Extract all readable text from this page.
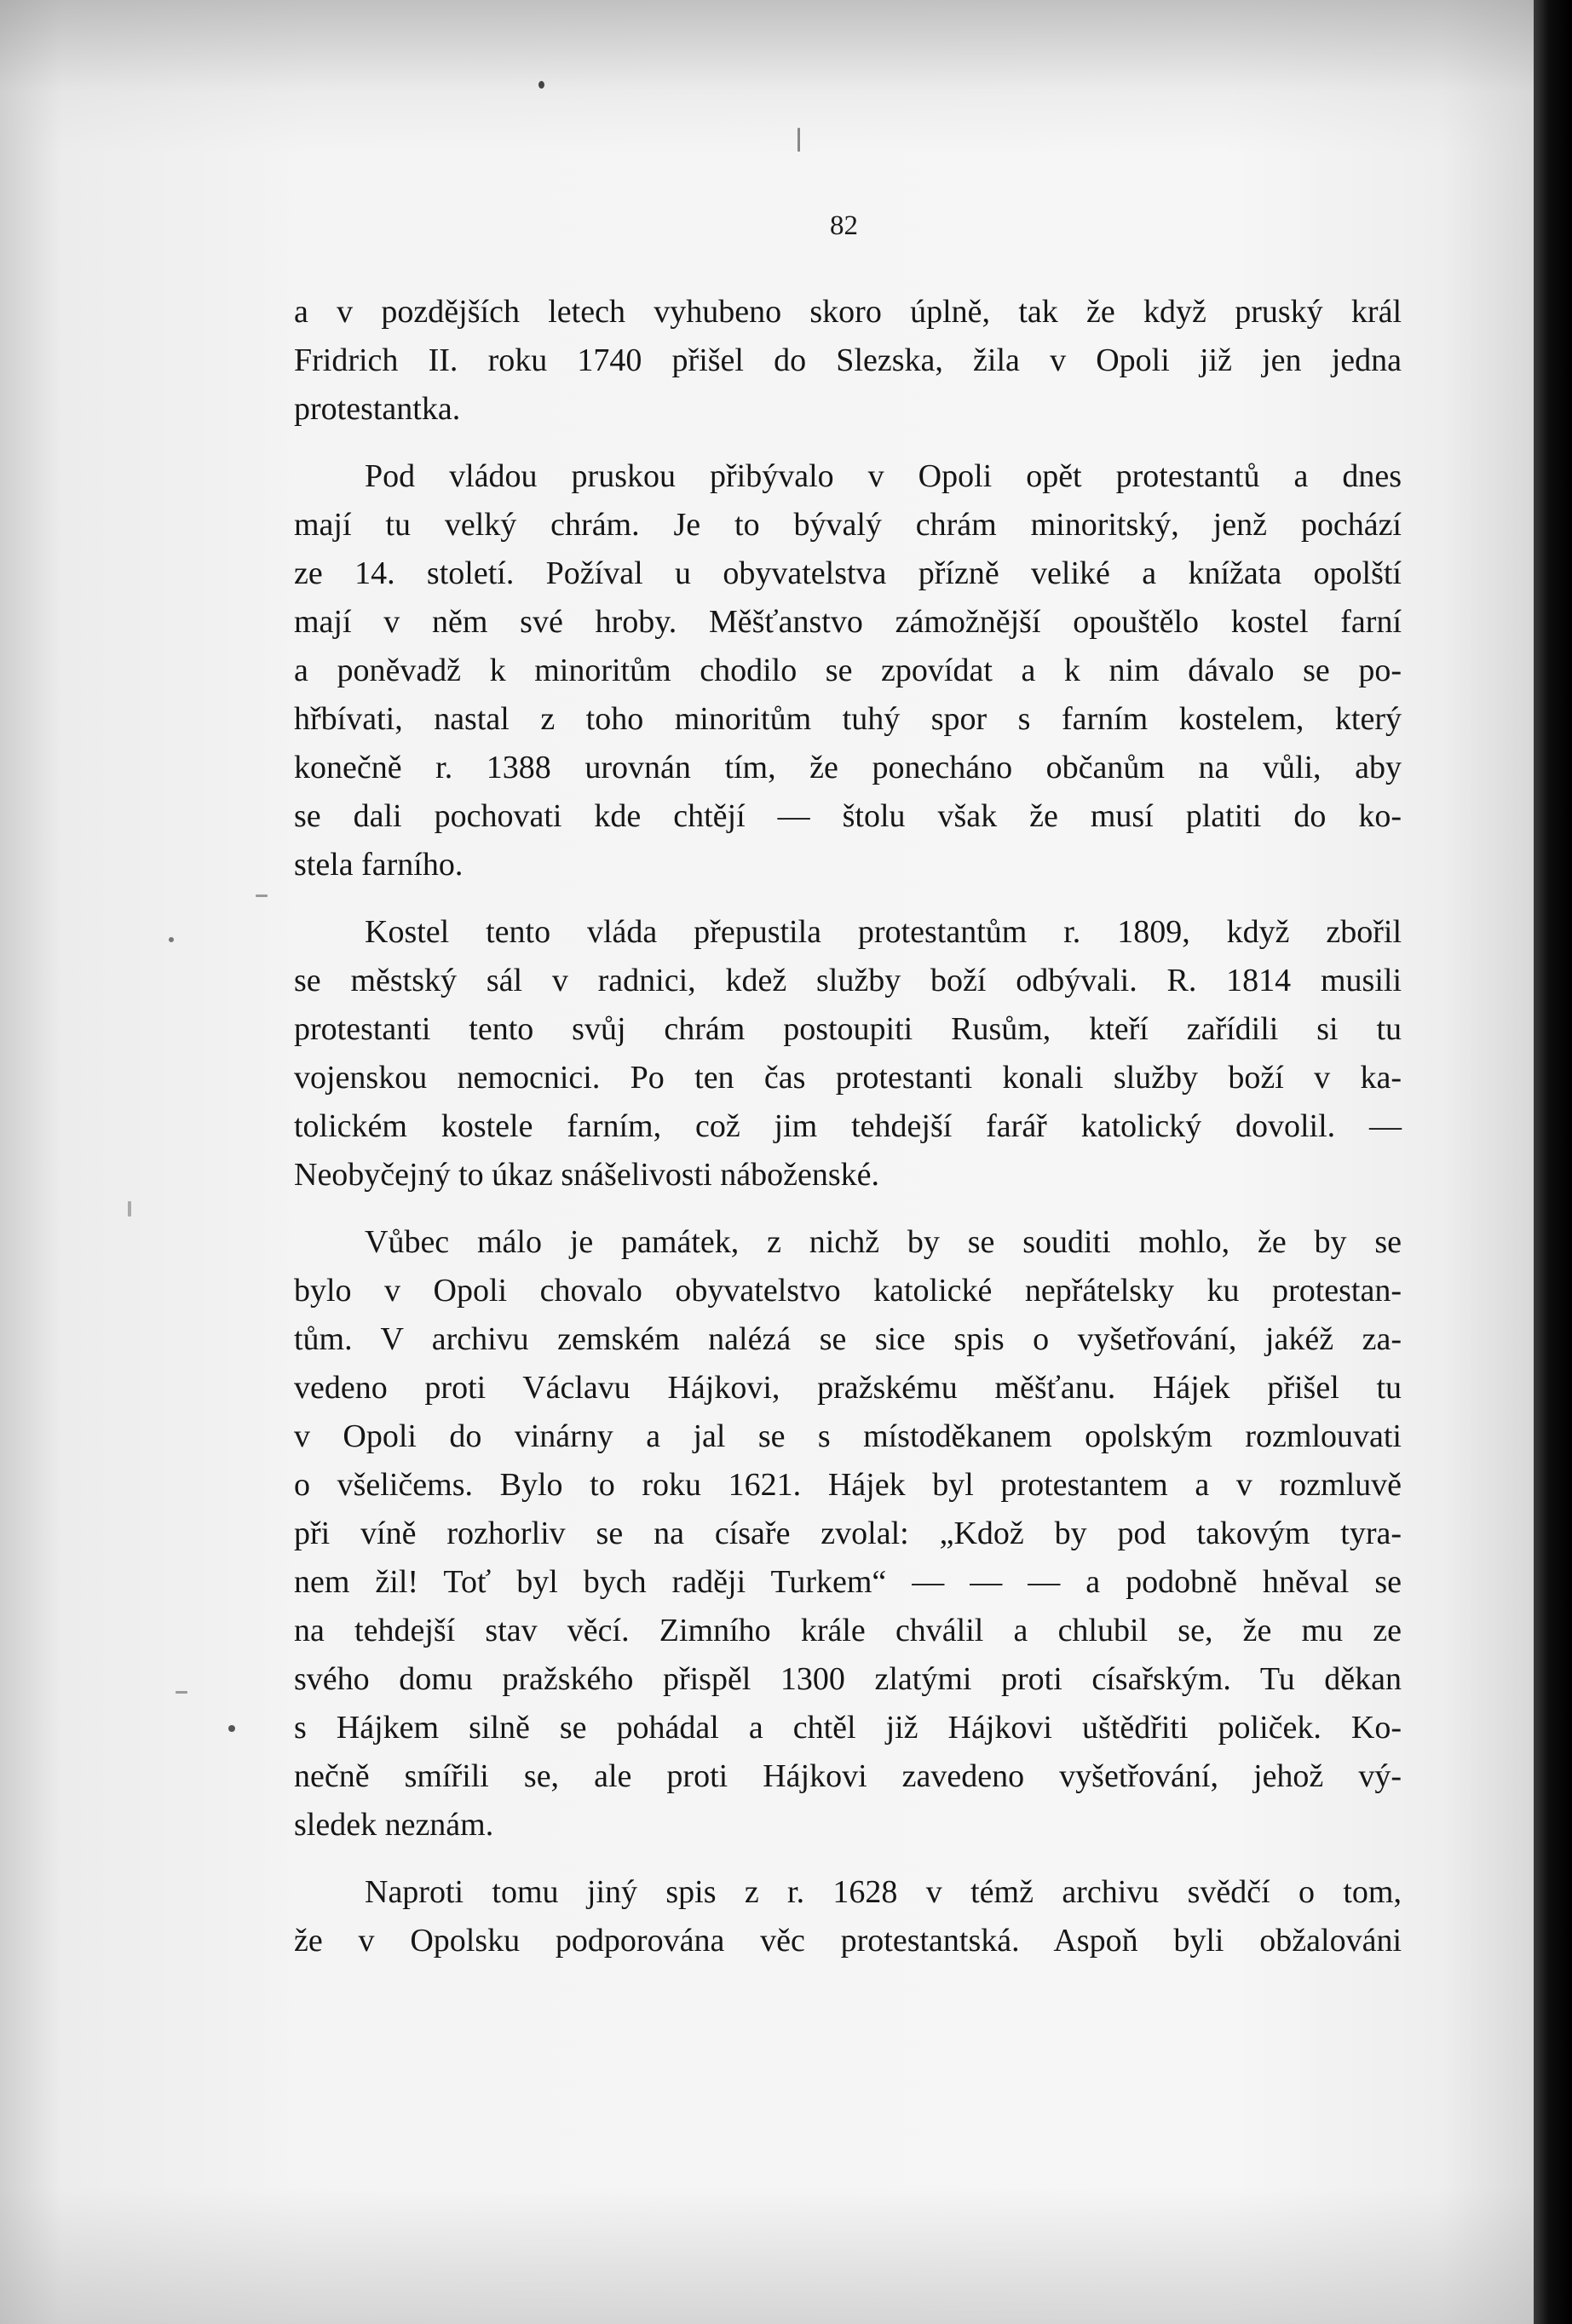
82
a v pozdějších letech vyhubeno skoro úplně, tak že když pruský král
Fridrich II. roku 1740 přišel do Slezska, žila v Opoli již jen jedna
protestantka.
Pod vládou pruskou přibývalo v Opoli opět protestantů a dnes
mají tu velký chrám. Je to bývalý chrám minoritský, jenž pochází
ze 14. století. Požíval u obyvatelstva přízně veliké a knížata opolští
mají v něm své hroby. Měšťanstvo zámožnější opouštělo kostel farní
a poněvadž k minoritům chodilo se zpovídat a k nim dávalo se po-
hřbívati, nastal z toho minoritům tuhý spor s farním kostelem, který
konečně r. 1388 urovnán tím, že ponecháno občanům na vůli, aby
se dali pochovati kde chtějí — štolu však že musí platiti do ko-
stela farního.
Kostel tento vláda přepustila protestantům r. 1809, když zbořil
se městský sál v radnici, kdež služby boží odbývali. R. 1814 musili
protestanti tento svůj chrám postoupiti Rusům, kteří zařídili si tu
vojenskou nemocnici. Po ten čas protestanti konali služby boží v ka-
tolickém kostele farním, což jim tehdejší farář katolický dovolil. —
Neobyčejný to úkaz snášelivosti náboženské.
Vůbec málo je památek, z nichž by se souditi mohlo, že by se
bylo v Opoli chovalo obyvatelstvo katolické nepřátelsky ku protestan-
tům. V archivu zemském nalézá se sice spis o vyšetřování, jakéž za-
vedeno proti Václavu Hájkovi, pražskému měšťanu. Hájek přišel tu
v Opoli do vinárny a jal se s místoděkanem opolským rozmlouvati
o všeličems. Bylo to roku 1621. Hájek byl protestantem a v rozmluvě
při víně rozhorliv se na císaře zvolal: „Kdož by pod takovým tyra-
nem žil! Toť byl bych raději Turkem“ — — — a podobně hněval se
na tehdejší stav věcí. Zimního krále chválil a chlubil se, že mu ze
svého domu pražského přispěl 1300 zlatými proti císařským. Tu děkan
s Hájkem silně se pohádal a chtěl již Hájkovi uštědřiti poliček. Ko-
nečně smířili se, ale proti Hájkovi zavedeno vyšetřování, jehož vý-
sledek neznám.
Naproti tomu jiný spis z r. 1628 v témž archivu svědčí o tom,
že v Opolsku podporována věc protestantská. Aspoň byli obžalováni
